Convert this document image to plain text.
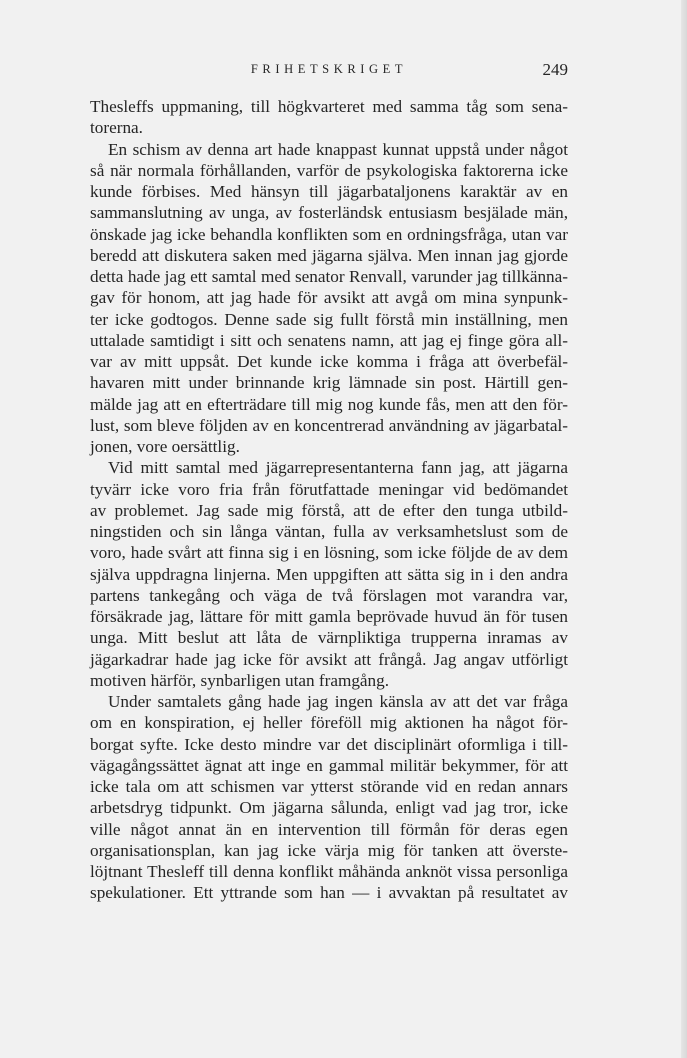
FRIHETSKRIGET	249
Thesleffs uppmaning, till högkvarteret med samma tåg som sena-
torerna.
En schism av denna art hade knappast kunnat uppstå under något
så när normala förhållanden, varför de psykologiska faktorerna icke
kunde förbises. Med hänsyn till jägarbataljonens karaktär av en
sammanslutning av unga, av fosterländsk entusiasm besjälade män,
önskade jag icke behandla konflikten som en ordningsfråga, utan var
beredd att diskutera saken med jägarna själva. Men innan jag gjorde
detta hade jag ett samtal med senator Renvall, varunder jag tillkänna-
gav för honom, att jag hade för avsikt att avgå om mina synpunk-
ter icke godtogos. Denne sade sig fullt förstå min inställning, men
uttalade samtidigt i sitt och senatens namn, att jag ej finge göra all-
var av mitt uppsåt. Det kunde icke komma i fråga att överbefäl-
havaren mitt under brinnande krig lämnade sin post. Härtill gen-
mälde jag att en efterträdare till mig nog kunde fås, men att den för-
lust, som bleve följden av en koncentrerad användning av jägarbatal-
jonen, vore oersättlig.
Vid mitt samtal med jägarrepresentanterna fann jag, att jägarna
tyvärr icke voro fria från förutfattade meningar vid bedömandet
av problemet. Jag sade mig förstå, att de efter den tunga utbild-
ningstiden och sin långa väntan, fulla av verksamhetslust som de
voro, hade svårt att finna sig i en lösning, som icke följde de av dem
själva uppdragna linjerna. Men uppgiften att sätta sig in i den andra
partens tankegång och väga de två förslagen mot varandra var,
försäkrade jag, lättare för mitt gamla beprövade huvud än för tusen
unga. Mitt beslut att låta de värnpliktiga trupperna inramas av
jägarkadrar hade jag icke för avsikt att frångå. Jag angav utförligt
motiven härför, synbarligen utan framgång.
Under samtalets gång hade jag ingen känsla av att det var fråga
om en konspiration, ej heller föreföll mig aktionen ha något för-
borgat syfte. Icke desto mindre var det disciplinärt oformliga i till-
vägagångssättet ägnat att inge en gammal militär bekymmer, för att
icke tala om att schismen var ytterst störande vid en redan annars
arbetsdryg tidpunkt. Om jägarna sålunda, enligt vad jag tror, icke
ville något annat än en intervention till förmån för deras egen
organisationsplan, kan jag icke värja mig för tanken att överste-
löjtnant Thesleff till denna konflikt måhända anknöt vissa personliga
spekulationer. Ett yttrande som han — i avvaktan på resultatet av
